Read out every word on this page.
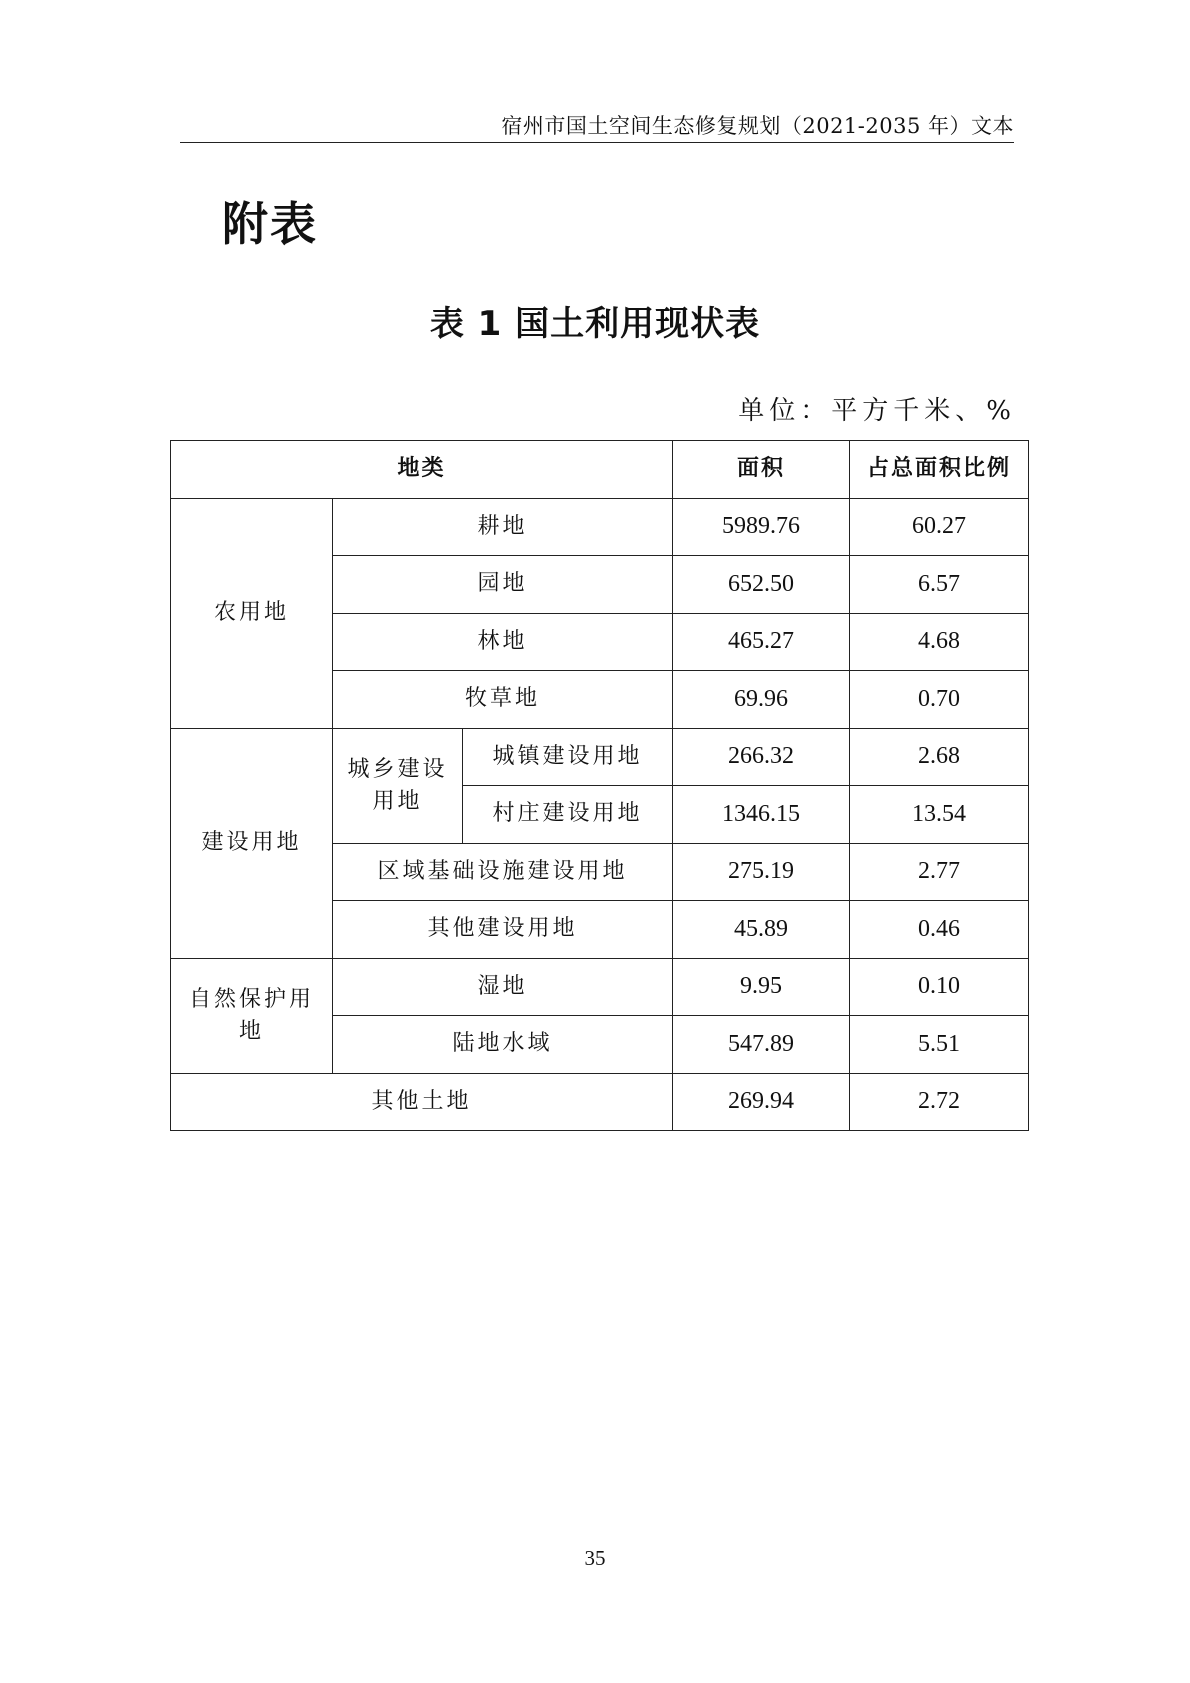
宿州市国土空间生态修复规划（2021-2035 年）文本
附表
表 1 国土利用现状表
单位：平方千米、%
地类			面积	占总面积比例
农用地	耕地		5989.76	60.27
	园地		652.50	6.57
	林地		465.27	4.68
	牧草地		69.96	0.70
建设用地	城乡建设用地	城镇建设用地	266.32	2.68
		村庄建设用地	1346.15	13.54
	区域基础设施建设用地		275.19	2.77
	其他建设用地		45.89	0.46
自然保护用地	湿地		9.95	0.10
	陆地水域		547.89	5.51
其他土地			269.94	2.72
35
